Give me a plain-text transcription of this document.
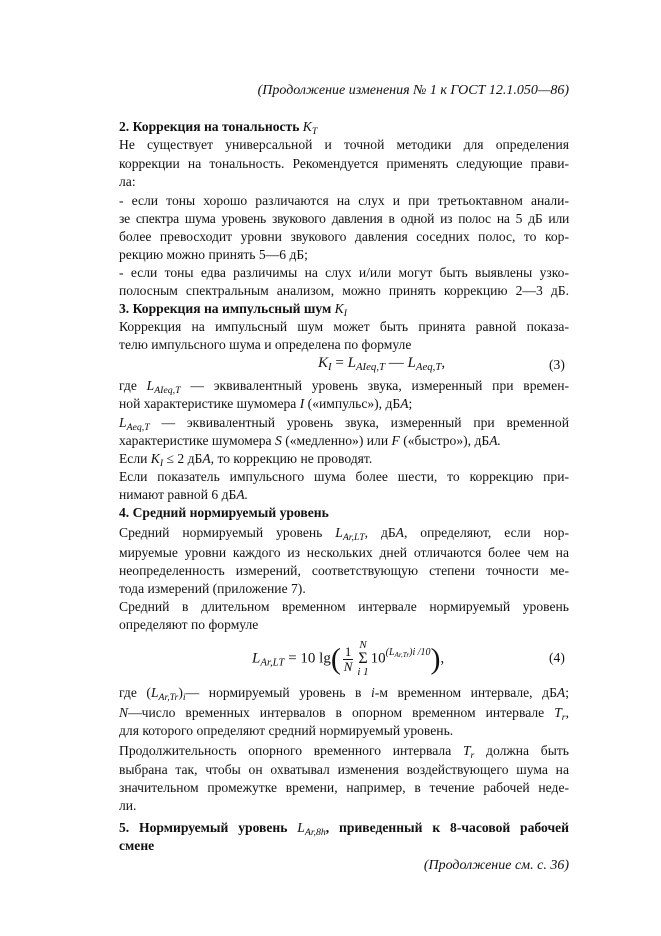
(Продолжение изменения № 1 к ГОСТ 12.1.050—86)
2. Коррекция на тональность $K_T$
Не существует универсальной и точной методики для определения
коррекции на тональность. Рекомендуется применять следующие прави-
ла:
- если тоны хорошо различаются на слух и при третьоктавном анали-
зе спектра шума уровень звукового давления в одной из полос на 5 дБ или
более превосходит уровни звукового давления соседних полос, то кор-
рекцию можно принять 5—6 дБ;
- если тоны едва различимы на слух и/или могут быть выявлены узко-
полосным спектральным анализом, можно принять коррекцию 2—3 дБ.
3. Коррекция на импульсный шум $K_I$
Коррекция на импульсный шум может быть принята равной показа-
телю импульсного шума и определена по формуле
$K_I = L_{AIeq,T}$ — $L_{Aeq,T}$,	(3)
где $L_{AIeq,T}$ — эквивалентный уровень звука, измеренный при времен-
ной характеристике шумомера I («импульс»), дБA;
$L_{Aeq,T}$ — эквивалентный уровень звука, измеренный при временной
характеристике шумомера S («медленно») или F («быстро»), дБA.
Если $K_I \le 2$ дБA, то коррекцию не проводят.
Если показатель импульсного шума более шести, то коррекцию при-
нимают равной 6 дБA.
4. Средний нормируемый уровень
Средний нормируемый уровень $L_{Ar,LT}$, дБA, определяют, если нор-
мируемые уровни каждого из нескольких дней отличаются более чем на
неопределенность измерений, соответствующую степени точности ме-
тода измерений (приложение 7).
Средний в длительном временном интервале нормируемый уровень
определяют по формуле
$L_{Ar,LT} = 10$ $\lg( \frac{1}{N}$ N
Σ
i 1
$10^{(L_{Ar,Tr})i /10}$),	(4)
где $(L_{Ar,Tr})_i—$ нормируемый уровень в i-м временном интервале, дБA;
N—число временных интервалов в опорном временном интервале $T_r$,
для которого определяют средний нормируемый уровень.
Продолжительность опорного временного интервала $T_r$ должна быть
выбрана так, чтобы он охватывал изменения воздействующего шума на
значительном промежутке времени, например, в течение рабочей неде-
ли.
5. Нормируемый уровень $L_{Ar,8h}$, приведенный к 8-часовой рабочей
смене
(Продолжение см. с. 36)
